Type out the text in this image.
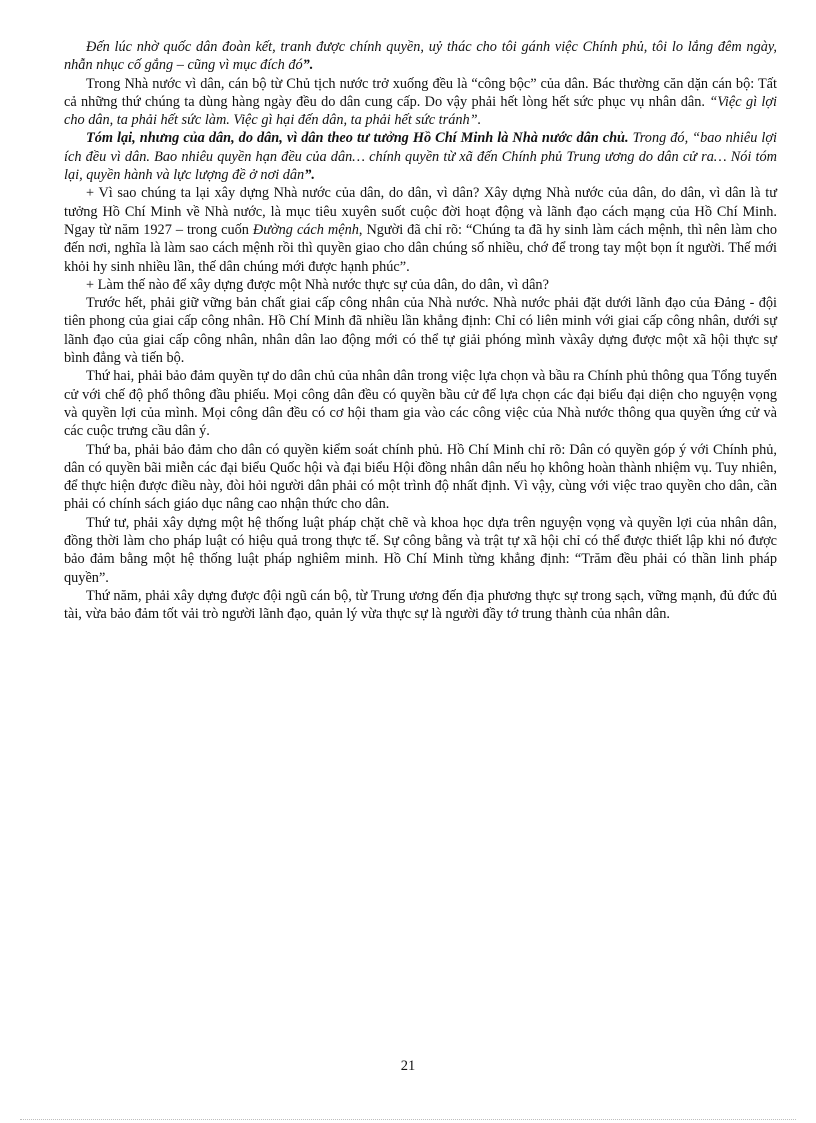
Đến lúc nhờ quốc dân đoàn kết, tranh được chính quyền, uỷ thác cho tôi gánh việc Chính phủ, tôi lo lắng đêm ngày, nhẫn nhục cố gắng – cũng vì mục đích đó”.

Trong Nhà nước vì dân, cán bộ từ Chủ tịch nước trở xuống đều là “công bộc” của dân. Bác thường căn dặn cán bộ: Tất cả những thứ chúng ta dùng hàng ngày đều do dân cung cấp. Do vậy phải hết lòng hết sức phục vụ nhân dân. “Việc gì lợi cho dân, ta phải hết sức làm. Việc gì hại đến dân, ta phải hết sức tránh”.

Tóm lại, nhưng của dân, do dân, vì dân theo tư tưởng Hồ Chí Minh là Nhà nước dân chủ. Trong đó, “bao nhiêu lợi ích đều vì dân. Bao nhiêu quyền hạn đều của dân… chính quyền từ xã đến Chính phủ Trung ương do dân cử ra… Nói tóm lại, quyền hành và lực lượng đề ở nơi dân”.

+ Vì sao chúng ta lại xây dựng Nhà nước của dân, do dân, vì dân? Xây dựng Nhà nước của dân, do dân, vì dân là tư tưởng Hồ Chí Minh về Nhà nước, là mục tiêu xuyên suốt cuộc đời hoạt động và lãnh đạo cách mạng của Hồ Chí Minh. Ngay từ năm 1927 – trong cuốn Đường cách mệnh, Người đã chỉ rõ: “Chúng ta đã hy sinh làm cách mệnh, thì nên làm cho đến nơi, nghĩa là làm sao cách mệnh rồi thì quyền giao cho dân chúng số nhiều, chớ để trong tay một bọn ít người. Thế mới khỏi hy sinh nhiều lần, thế dân chúng mới được hạnh phúc”.

+ Làm thế nào để xây dựng được một Nhà nước thực sự của dân, do dân, vì dân?

Trước hết, phải giữ vững bản chất giai cấp công nhân của Nhà nước. Nhà nước phải đặt dưới lãnh đạo của Đảng - đội tiên phong của giai cấp công nhân. Hồ Chí Minh đã nhiều lần khẳng định: Chỉ có liên minh với giai cấp công nhân, dưới sự lãnh đạo của giai cấp công nhân, nhân dân lao động mới có thể tự giải phóng mình vàxây dựng được một xã hội thực sự bình đẳng và tiến bộ.

Thứ hai, phải bảo đảm quyền tự do dân chủ của nhân dân trong việc lựa chọn và bầu ra Chính phủ thông qua Tổng tuyển cử với chế độ phổ thông đầu phiếu. Mọi công dân đều có quyền bầu cử để lựa chọn các đại biểu đại diện cho nguyện vọng và quyền lợi của mình. Mọi công dân đều có cơ hội tham gia vào các công việc của Nhà nước thông qua quyền ứng cử và các cuộc trưng cầu dân ý.

Thứ ba, phải bảo đảm cho dân có quyền kiểm soát chính phủ. Hồ Chí Minh chỉ rõ: Dân có quyền góp ý với Chính phủ, dân có quyền bãi miễn các đại biểu Quốc hội và đại biểu Hội đồng nhân dân nếu họ không hoàn thành nhiệm vụ. Tuy nhiên, để thực hiện được điều này, đòi hỏi người dân phải có một trình độ nhất định. Vì vậy, cùng với việc trao quyền cho dân, cần phải có chính sách giáo dục nâng cao nhận thức cho dân.

Thứ tư, phải xây dựng một hệ thống luật pháp chặt chẽ và khoa học dựa trên nguyện vọng và quyền lợi của nhân dân, đồng thời làm cho pháp luật có hiệu quả trong thực tế. Sự công bằng và trật tự xã hội chỉ có thể được thiết lập khi nó được bảo đảm bằng một hệ thống luật pháp nghiêm minh. Hồ Chí Minh từng khẳng định: “Trăm đều phải có thần linh pháp quyền”.

Thứ năm, phải xây dựng được đội ngũ cán bộ, từ Trung ương đến địa phương thực sự trong sạch, vững mạnh, đủ đức đủ tài, vừa bảo đảm tốt vải trò người lãnh đạo, quản lý vừa thực sự là người đầy tớ trung thành của nhân dân.

21
